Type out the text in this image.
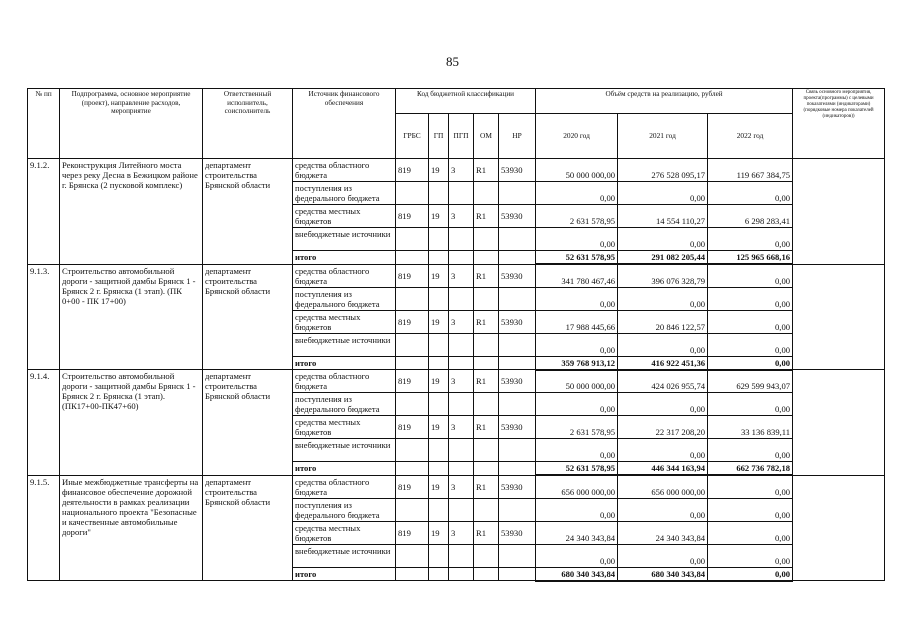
85
№ пп	Подпрограмма, основное мероприятие (проект), направление расходов, мероприятие	Ответственный исполнитель, соисполнитель	Источник финансового обеспечения	Код бюджетной классификации					Объём средств на реализацию, рублей			Связь основного мероприятия, проекта(программы) с целевыми показателями (индикаторами) (порядковые номера показателей (индикаторов))
				ГРБС	ГП	ПГП	ОМ	НР	2020 год	2021 год	2022 год	
9.1.2.	Реконструкция Литейного моста через реку Десна в Бежицком районе г. Брянска (2 пусковой комплекс)	департамент строительства Брянской области	средства областного бюджета	819	19	3	R1	53930	50 000 000,00	276 528 095,17	119 667 384,75	
			поступления из федерального бюджета						0,00	0,00	0,00	
			средства местных бюджетов	819	19	3	R1	53930	2 631 578,95	14 554 110,27	6 298 283,41	
			внебюджетные источники						0,00	0,00	0,00	
			итого						52 631 578,95	291 082 205,44	125 965 668,16	
9.1.3.	Строительство автомобильной дороги - защитной дамбы Брянск 1 - Брянск 2 г. Брянска (1 этап). (ПК 0+00 - ПК 17+00)	департамент строительства Брянской области	средства областного бюджета	819	19	3	R1	53930	341 780 467,46	396 076 328,79	0,00	
			поступления из федерального бюджета						0,00	0,00	0,00	
			средства местных бюджетов	819	19	3	R1	53930	17 988 445,66	20 846 122,57	0,00	
			внебюджетные источники						0,00	0,00	0,00	
			итого						359 768 913,12	416 922 451,36	0,00	
9.1.4.	Строительство автомобильной дороги - защитной дамбы Брянск 1 - Брянск 2 г. Брянска (1 этап). (ПК17+00-ПК47+60)	департамент строительства Брянской области	средства областного бюджета	819	19	3	R1	53930	50 000 000,00	424 026 955,74	629 599 943,07	
			поступления из федерального бюджета						0,00	0,00	0,00	
			средства местных бюджетов	819	19	3	R1	53930	2 631 578,95	22 317 208,20	33 136 839,11	
			внебюджетные источники						0,00	0,00	0,00	
			итого						52 631 578,95	446 344 163,94	662 736 782,18	
9.1.5.	Иные межбюджетные трансферты на финансовое обеспечение дорожной деятельности в рамках реализации национального проекта "Безопасные и качественные автомобильные дороги"	департамент строительства Брянской области	средства областного бюджета	819	19	3	R1	53930	656 000 000,00	656 000 000,00	0,00	
			поступления из федерального бюджета						0,00	0,00	0,00	
			средства местных бюджетов	819	19	3	R1	53930	24 340 343,84	24 340 343,84	0,00	
			внебюджетные источники						0,00	0,00	0,00	
			итого						680 340 343,84	680 340 343,84	0,00	
